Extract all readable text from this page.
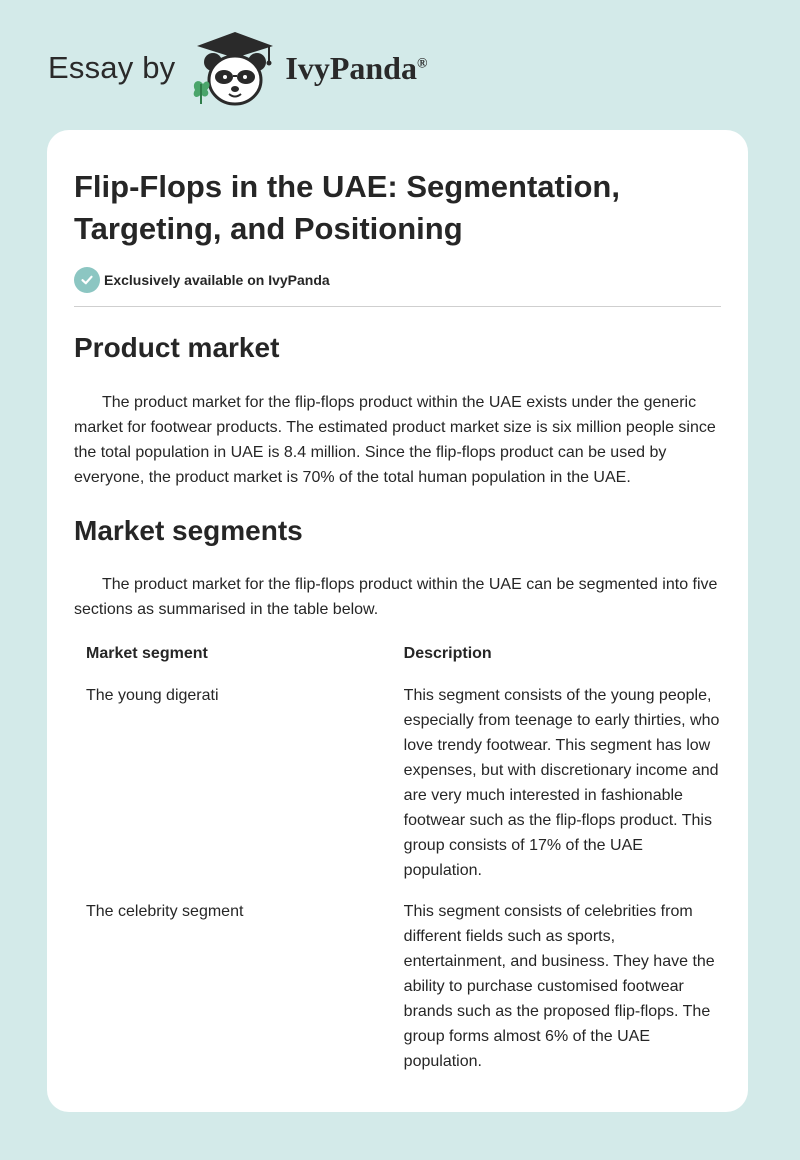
Essay by	IvyPanda®
Flip-Flops in the UAE: Segmentation, Targeting, and Positioning
Exclusively available on IvyPanda
Product market

The product market for the flip-flops product within the UAE exists under the generic market for footwear products. The estimated product market size is six million people since the total population in UAE is 8.4 million. Since the flip-flops product can be used by everyone, the product market is 70% of the total human population in the UAE.

Market segments

The product market for the flip-flops product within the UAE can be segmented into five sections as summarised in the table below.

Market segment	Description
The young digerati	This segment consists of the young people, especially from teenage to early thirties, who love trendy footwear. This segment has low expenses, but with discretionary income and are very much interested in fashionable footwear such as the flip-flops product. This group consists of 17% of the UAE population.
The celebrity segment	This segment consists of celebrities from different fields such as sports, entertainment, and business. They have the ability to purchase customised footwear brands such as the proposed flip-flops. The group forms almost 6% of the UAE population.
